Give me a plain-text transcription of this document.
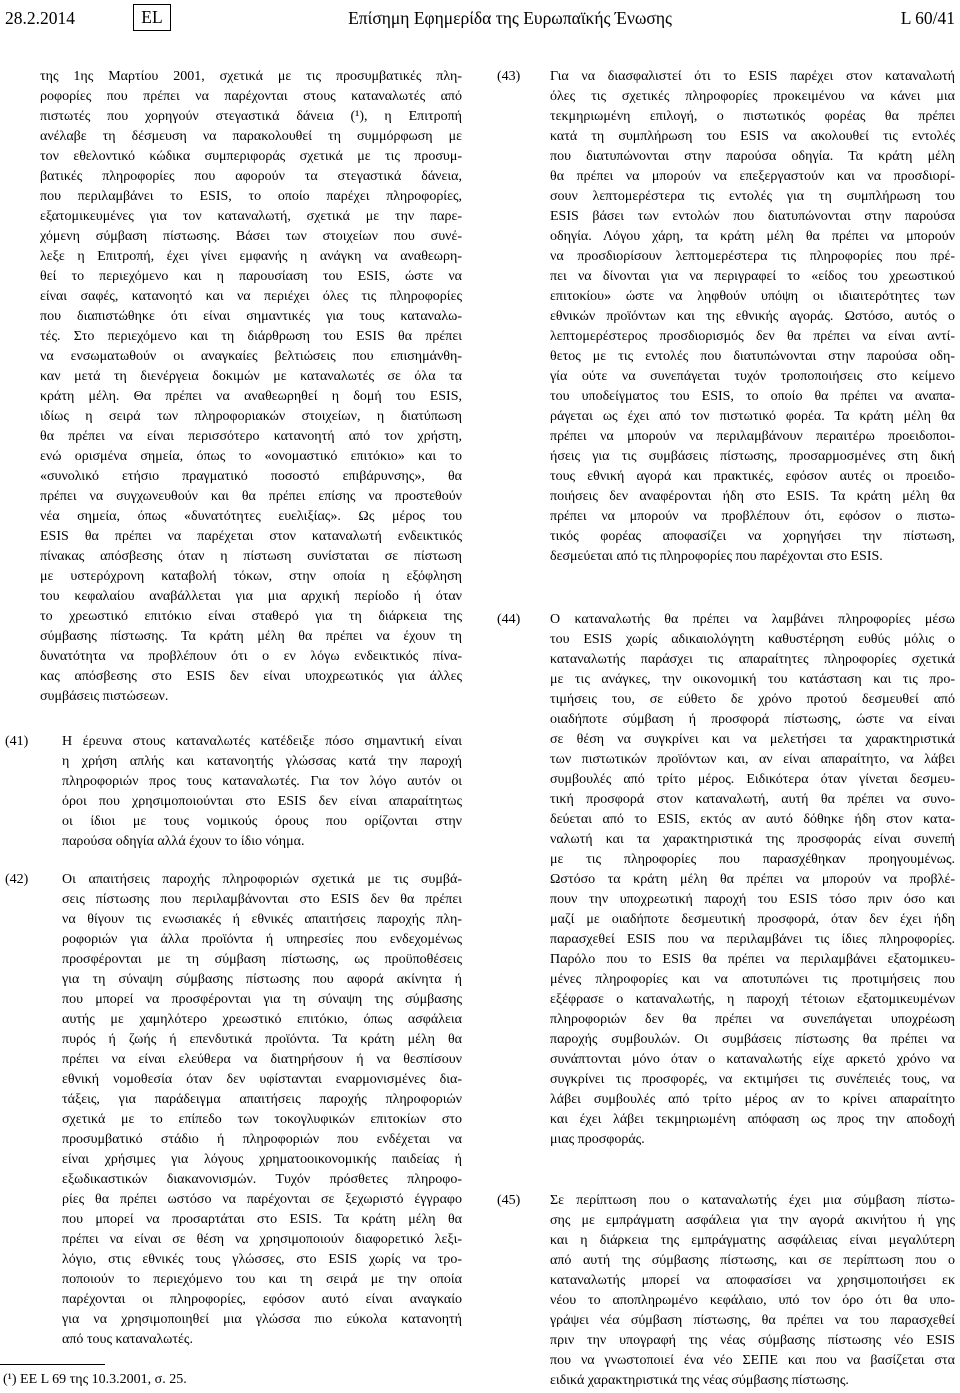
28.2.2014	EL	Επίσημη Εφημερίδα της Ευρωπαϊκής Ένωσης	L 60/41
της 1ης Μαρτίου 2001, σχετικά με τις προσυμβατικές πλη-
ροφορίες που πρέπει να παρέχονται στους καταναλωτές από
πιστωτές που χορηγούν στεγαστικά δάνεια (¹), η Επιτροπή
ανέλαβε τη δέσμευση να παρακολουθεί τη συμμόρφωση με
τον εθελοντικό κώδικα συμπεριφοράς σχετικά με τις προσυμ-
βατικές πληροφορίες που αφορούν τα στεγαστικά δάνεια,
που περιλαμβάνει το ESIS, το οποίο παρέχει πληροφορίες,
εξατομικευμένες για τον καταναλωτή, σχετικά με την παρε-
χόμενη σύμβαση πίστωσης. Βάσει των στοιχείων που συνέ-
λεξε η Επιτροπή, έχει γίνει εμφανής η ανάγκη να αναθεωρη-
θεί το περιεχόμενο και η παρουσίαση του ESIS, ώστε να
είναι σαφές, κατανοητό και να περιέχει όλες τις πληροφορίες
που διαπιστώθηκε ότι είναι σημαντικές για τους καταναλω-
τές. Στο περιεχόμενο και τη διάρθρωση του ESIS θα πρέπει
να ενσωματωθούν οι αναγκαίες βελτιώσεις που επισημάνθη-
καν μετά τη διενέργεια δοκιμών με καταναλωτές σε όλα τα
κράτη μέλη. Θα πρέπει να αναθεωρηθεί η δομή του ESIS,
ιδίως η σειρά των πληροφοριακών στοιχείων, η διατύπωση
θα πρέπει να είναι περισσότερο κατανοητή από τον χρήστη,
ενώ ορισμένα σημεία, όπως το «ονομαστικό επιτόκιο» και το
«συνολικό ετήσιο πραγματικό ποσοστό επιβάρυνσης», θα
πρέπει να συγχωνευθούν και θα πρέπει επίσης να προστεθούν
νέα σημεία, όπως «δυνατότητες ευελιξίας». Ως μέρος του
ESIS θα πρέπει να παρέχεται στον καταναλωτή ενδεικτικός
πίνακας απόσβεσης όταν η πίστωση συνίσταται σε πίστωση
με υστερόχρονη καταβολή τόκων, στην οποία η εξόφληση
του κεφαλαίου αναβάλλεται για μια αρχική περίοδο ή όταν
το χρεωστικό επιτόκιο είναι σταθερό για τη διάρκεια της
σύμβασης πίστωσης. Τα κράτη μέλη θα πρέπει να έχουν τη
δυνατότητα να προβλέπουν ότι ο εν λόγω ενδεικτικός πίνα-
κας απόσβεσης στο ESIS δεν είναι υποχρεωτικός για άλλες
συμβάσεις πιστώσεων.
(41) Η έρευνα στους καταναλωτές κατέδειξε πόσο σημαντική είναι
η χρήση απλής και κατανοητής γλώσσας κατά την παροχή
πληροφοριών προς τους καταναλωτές. Για τον λόγο αυτόν οι
όροι που χρησιμοποιούνται στο ESIS δεν είναι απαραίτητως
οι ίδιοι με τους νομικούς όρους που ορίζονται στην
παρούσα οδηγία αλλά έχουν το ίδιο νόημα.
(42) Οι απαιτήσεις παροχής πληροφοριών σχετικά με τις συμβά-
σεις πίστωσης που περιλαμβάνονται στο ESIS δεν θα πρέπει
να θίγουν τις ενωσιακές ή εθνικές απαιτήσεις παροχής πλη-
ροφοριών για άλλα προϊόντα ή υπηρεσίες που ενδεχομένως
προσφέρονται με τη σύμβαση πίστωσης, ως προϋποθέσεις
για τη σύναψη σύμβασης πίστωσης που αφορά ακίνητα ή
που μπορεί να προσφέρονται για τη σύναψη της σύμβασης
αυτής με χαμηλότερο χρεωστικό επιτόκιο, όπως ασφάλεια
πυρός ή ζωής ή επενδυτικά προϊόντα. Τα κράτη μέλη θα
πρέπει να είναι ελεύθερα να διατηρήσουν ή να θεσπίσουν
εθνική νομοθεσία όταν δεν υφίστανται εναρμονισμένες δια-
τάξεις, για παράδειγμα απαιτήσεις παροχής πληροφοριών
σχετικά με το επίπεδο των τοκογλυφικών επιτοκίων στο
προσυμβατικό στάδιο ή πληροφοριών που ενδέχεται να
είναι χρήσιμες για λόγους χρηματοοικονομικής παιδείας ή
εξωδικαστικών διακανονισμών. Τυχόν πρόσθετες πληροφο-
ρίες θα πρέπει ωστόσο να παρέχονται σε ξεχωριστό έγγραφο
που μπορεί να προσαρτάται στο ESIS. Τα κράτη μέλη θα
πρέπει να είναι σε θέση να χρησιμοποιούν διαφορετικό λεξι-
λόγιο, στις εθνικές τους γλώσσες, στο ESIS χωρίς να τρο-
ποποιούν το περιεχόμενο του και τη σειρά με την οποία
παρέχονται οι πληροφορίες, εφόσον αυτό είναι αναγκαίο
για να χρησιμοποιηθεί μια γλώσσα πιο εύκολα κατανοητή
από τους καταναλωτές.
(43) Για να διασφαλιστεί ότι το ESIS παρέχει στον καταναλωτή
όλες τις σχετικές πληροφορίες προκειμένου να κάνει μια
τεκμηριωμένη επιλογή, ο πιστωτικός φορέας θα πρέπει
κατά τη συμπλήρωση του ESIS να ακολουθεί τις εντολές
που διατυπώνονται στην παρούσα οδηγία. Τα κράτη μέλη
θα πρέπει να μπορούν να επεξεργαστούν και να προσδιορί-
σουν λεπτομερέστερα τις εντολές για τη συμπλήρωση του
ESIS βάσει των εντολών που διατυπώνονται στην παρούσα
οδηγία. Λόγου χάρη, τα κράτη μέλη θα πρέπει να μπορούν
να προσδιορίσουν λεπτομερέστερα τις πληροφορίες που πρέ-
πει να δίνονται για να περιγραφεί το «είδος του χρεωστικού
επιτοκίου» ώστε να ληφθούν υπόψη οι ιδιαιτερότητες των
εθνικών προϊόντων και της εθνικής αγοράς. Ωστόσο, αυτός ο
λεπτομερέστερος προσδιορισμός δεν θα πρέπει να είναι αντί-
θετος με τις εντολές που διατυπώνονται στην παρούσα οδη-
γία ούτε να συνεπάγεται τυχόν τροποποιήσεις στο κείμενο
του υποδείγματος του ESIS, το οποίο θα πρέπει να αναπα-
ράγεται ως έχει από τον πιστωτικό φορέα. Τα κράτη μέλη θα
πρέπει να μπορούν να περιλαμβάνουν περαιτέρω προειδοποι-
ήσεις για τις συμβάσεις πίστωσης, προσαρμοσμένες στη δική
τους εθνική αγορά και πρακτικές, εφόσον αυτές οι προειδο-
ποιήσεις δεν αναφέρονται ήδη στο ESIS. Τα κράτη μέλη θα
πρέπει να μπορούν να προβλέπουν ότι, εφόσον ο πιστω-
τικός φορέας αποφασίζει να χορηγήσει την πίστωση,
δεσμεύεται από τις πληροφορίες που παρέχονται στο ESIS.
(44) Ο καταναλωτής θα πρέπει να λαμβάνει πληροφορίες μέσω
του ESIS χωρίς αδικαιολόγητη καθυστέρηση ευθύς μόλις ο
καταναλωτής παράσχει τις απαραίτητες πληροφορίες σχετικά
με τις ανάγκες, την οικονομική του κατάσταση και τις προ-
τιμήσεις του, σε εύθετο δε χρόνο προτού δεσμευθεί από
οιαδήποτε σύμβαση ή προσφορά πίστωσης, ώστε να είναι
σε θέση να συγκρίνει και να μελετήσει τα χαρακτηριστικά
των πιστωτικών προϊόντων και, αν είναι απαραίτητο, να λάβει
συμβουλές από τρίτο μέρος. Ειδικότερα όταν γίνεται δεσμευ-
τική προσφορά στον καταναλωτή, αυτή θα πρέπει να συνο-
δεύεται από το ESIS, εκτός αν αυτό δόθηκε ήδη στον κατα-
ναλωτή και τα χαρακτηριστικά της προσφοράς είναι συνεπή
με τις πληροφορίες που παρασχέθηκαν προηγουμένως.
Ωστόσο τα κράτη μέλη θα πρέπει να μπορούν να προβλέ-
πουν την υποχρεωτική παροχή του ESIS τόσο πριν όσο και
μαζί με οιαδήποτε δεσμευτική προσφορά, όταν δεν έχει ήδη
παρασχεθεί ESIS που να περιλαμβάνει τις ίδιες πληροφορίες.
Παρόλο που το ESIS θα πρέπει να περιλαμβάνει εξατομικευ-
μένες πληροφορίες και να αποτυπώνει τις προτιμήσεις που
εξέφρασε ο καταναλωτής, η παροχή τέτοιων εξατομικευμένων
πληροφοριών δεν θα πρέπει να συνεπάγεται υποχρέωση
παροχής συμβουλών. Οι συμβάσεις πίστωσης θα πρέπει να
συνάπτονται μόνο όταν ο καταναλωτής είχε αρκετό χρόνο να
συγκρίνει τις προσφορές, να εκτιμήσει τις συνέπειές τους, να
λάβει συμβουλές από τρίτο μέρος αν το κρίνει απαραίτητο
και έχει λάβει τεκμηριωμένη απόφαση ως προς την αποδοχή
μιας προσφοράς.
(45) Σε περίπτωση που ο καταναλωτής έχει μια σύμβαση πίστω-
σης με εμπράγματη ασφάλεια για την αγορά ακινήτου ή γης
και η διάρκεια της εμπράγματης ασφάλειας είναι μεγαλύτερη
από αυτή της σύμβασης πίστωσης, και σε περίπτωση που ο
καταναλωτής μπορεί να αποφασίσει να χρησιμοποιήσει εκ
νέου το αποπληρωμένο κεφάλαιο, υπό τον όρο ότι θα υπο-
γράψει νέα σύμβαση πίστωσης, θα πρέπει να του παρασχεθεί
πριν την υπογραφή της νέας σύμβασης πίστωσης νέο ESIS
που να γνωστοποιεί ένα νέο ΣΕΠΕ και που να βασίζεται στα
ειδικά χαρακτηριστικά της νέας σύμβασης πίστωσης.
(¹) ΕΕ L 69 της 10.3.2001, σ. 25.
